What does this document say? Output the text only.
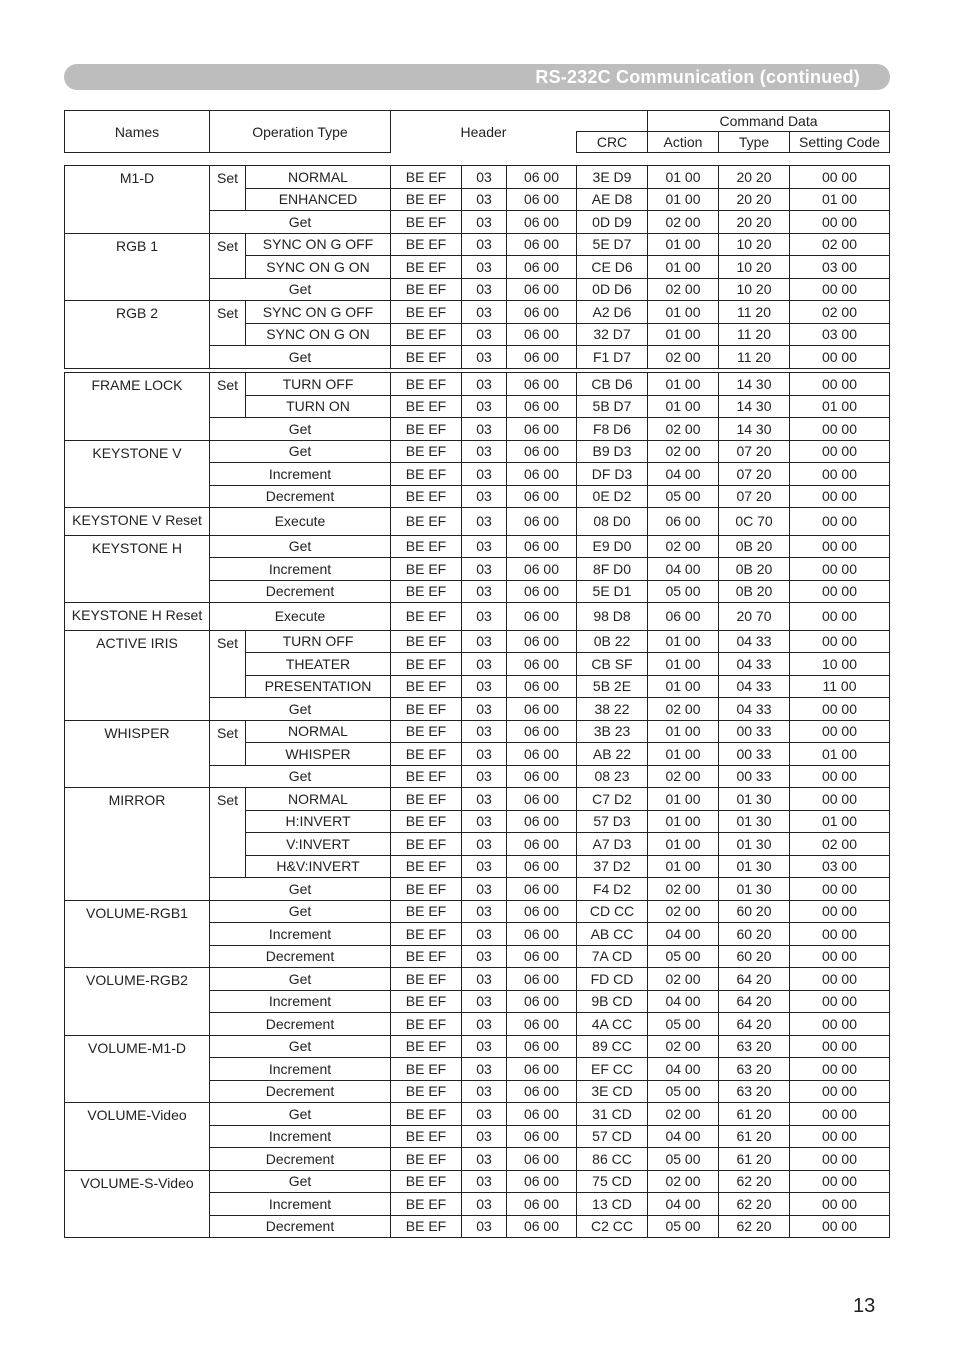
RS-232C Communication (continued)
Names	Operation Type	Header		Command Data		
			CRC	Action	Type	Setting Code
M1-D	Set	NORMAL	BE EF	03	06 00	3E D9	01 00	20 20	00 00
		ENHANCED	BE EF	03	06 00	AE D8	01 00	20 20	01 00
	Get		BE EF	03	06 00	0D D9	02 00	20 20	00 00
RGB 1	Set	SYNC ON G OFF	BE EF	03	06 00	5E D7	01 00	10 20	02 00
		SYNC ON G ON	BE EF	03	06 00	CE D6	01 00	10 20	03 00
	Get		BE EF	03	06 00	0D D6	02 00	10 20	00 00
RGB 2	Set	SYNC ON G OFF	BE EF	03	06 00	A2 D6	01 00	11 20	02 00
		SYNC ON G ON	BE EF	03	06 00	32 D7	01 00	11 20	03 00
	Get		BE EF	03	06 00	F1 D7	02 00	11 20	00 00
FRAME LOCK	Set	TURN OFF	BE EF	03	06 00	CB D6	01 00	14 30	00 00
		TURN ON	BE EF	03	06 00	5B D7	01 00	14 30	01 00
	Get		BE EF	03	06 00	F8 D6	02 00	14 30	00 00
KEYSTONE V	Get		BE EF	03	06 00	B9 D3	02 00	07 20	00 00
	Increment		BE EF	03	06 00	DF D3	04 00	07 20	00 00
	Decrement		BE EF	03	06 00	0E D2	05 00	07 20	00 00
KEYSTONE V Reset	Execute		BE EF	03	06 00	08 D0	06 00	0C 70	00 00
KEYSTONE H	Get		BE EF	03	06 00	E9 D0	02 00	0B 20	00 00
	Increment		BE EF	03	06 00	8F D0	04 00	0B 20	00 00
	Decrement		BE EF	03	06 00	5E D1	05 00	0B 20	00 00
KEYSTONE H Reset	Execute		BE EF	03	06 00	98 D8	06 00	20 70	00 00
ACTIVE IRIS	Set	TURN OFF	BE EF	03	06 00	0B 22	01 00	04 33	00 00
		THEATER	BE EF	03	06 00	CB SF	01 00	04 33	10 00
		PRESENTATION	BE EF	03	06 00	5B 2E	01 00	04 33	11 00
	Get		BE EF	03	06 00	38 22	02 00	04 33	00 00
WHISPER	Set	NORMAL	BE EF	03	06 00	3B 23	01 00	00 33	00 00
		WHISPER	BE EF	03	06 00	AB 22	01 00	00 33	01 00
	Get		BE EF	03	06 00	08 23	02 00	00 33	00 00
MIRROR	Set	NORMAL	BE EF	03	06 00	C7 D2	01 00	01 30	00 00
		H:INVERT	BE EF	03	06 00	57 D3	01 00	01 30	01 00
		V:INVERT	BE EF	03	06 00	A7 D3	01 00	01 30	02 00
		H&V:INVERT	BE EF	03	06 00	37 D2	01 00	01 30	03 00
	Get		BE EF	03	06 00	F4 D2	02 00	01 30	00 00
VOLUME-RGB1	Get		BE EF	03	06 00	CD CC	02 00	60 20	00 00
	Increment		BE EF	03	06 00	AB CC	04 00	60 20	00 00
	Decrement		BE EF	03	06 00	7A CD	05 00	60 20	00 00
VOLUME-RGB2	Get		BE EF	03	06 00	FD CD	02 00	64 20	00 00
	Increment		BE EF	03	06 00	9B CD	04 00	64 20	00 00
	Decrement		BE EF	03	06 00	4A CC	05 00	64 20	00 00
VOLUME-M1-D	Get		BE EF	03	06 00	89 CC	02 00	63 20	00 00
	Increment		BE EF	03	06 00	EF CC	04 00	63 20	00 00
	Decrement		BE EF	03	06 00	3E CD	05 00	63 20	00 00
VOLUME-Video	Get		BE EF	03	06 00	31 CD	02 00	61 20	00 00
	Increment		BE EF	03	06 00	57 CD	04 00	61 20	00 00
	Decrement		BE EF	03	06 00	86 CC	05 00	61 20	00 00
VOLUME-S-Video	Get		BE EF	03	06 00	75 CD	02 00	62 20	00 00
	Increment		BE EF	03	06 00	13 CD	04 00	62 20	00 00
	Decrement		BE EF	03	06 00	C2 CC	05 00	62 20	00 00
13
